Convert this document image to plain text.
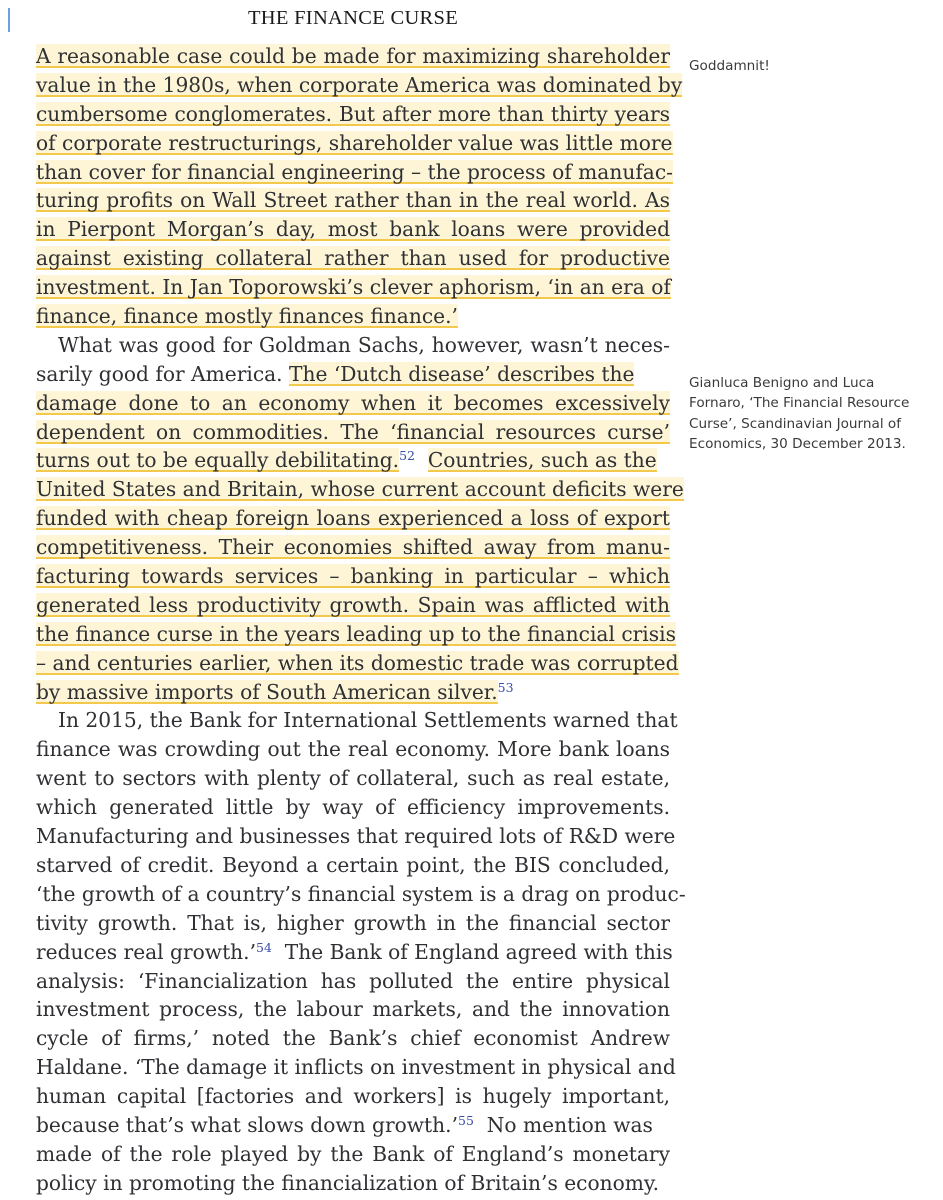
THE FINANCE CURSE
A reasonable case could be made for maximizing shareholder
value in the 1980s, when corporate America was dominated by
cumbersome conglomerates. But after more than thirty years
of corporate restructurings, shareholder value was little more
than cover for financial engineering – the process of manufac-
turing profits on Wall Street rather than in the real world. As
in Pierpont Morgan’s day, most bank loans were provided
against existing collateral rather than used for productive
investment. In Jan Toporowski’s clever aphorism, ‘in an era of
finance, finance mostly finances finance.’
What was good for Goldman Sachs, however, wasn’t neces-
sarily good for America. The ‘Dutch disease’ describes the
damage done to an economy when it becomes excessively
dependent on commodities. The ‘financial resources curse’
turns out to be equally debilitating.$^{52}$ Countries, such as the
United States and Britain, whose current account deficits were
funded with cheap foreign loans experienced a loss of export
competitiveness. Their economies shifted away from manu-
facturing towards services – banking in particular – which
generated less productivity growth. Spain was afflicted with
the finance curse in the years leading up to the financial crisis
– and centuries earlier, when its domestic trade was corrupted
by massive imports of South American silver.$^{53}$
In 2015, the Bank for International Settlements warned that
finance was crowding out the real economy. More bank loans
went to sectors with plenty of collateral, such as real estate,
which generated little by way of efficiency improvements.
Manufacturing and businesses that required lots of R&D were
starved of credit. Beyond a certain point, the BIS concluded,
‘the growth of a country’s financial system is a drag on produc-
tivity growth. That is, higher growth in the financial sector
reduces real growth.’$^{54}$ The Bank of England agreed with this
analysis: ‘Financialization has polluted the entire physical
investment process, the labour markets, and the innovation
cycle of firms,’ noted the Bank’s chief economist Andrew
Haldane. ‘The damage it inflicts on investment in physical and
human capital [factories and workers] is hugely important,
because that’s what slows down growth.’$^{55}$ No mention was
made of the role played by the Bank of England’s monetary
policy in promoting the financialization of Britain’s economy.
Goddamnit!
Gianluca Benigno and Luca Fornaro, ‘The Financial Resource Curse’, Scandinavian Journal of Economics, 30 December 2013.
